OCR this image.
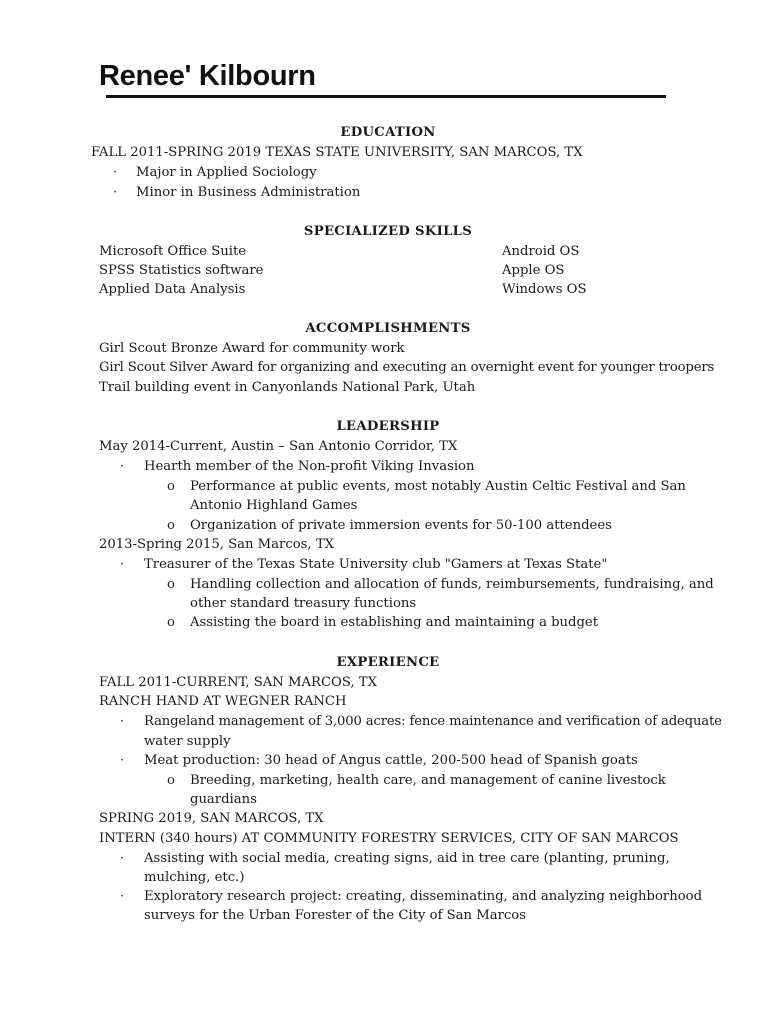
Renee' Kilbourn
EDUCATION
FALL 2011-SPRING 2019 TEXAS STATE UNIVERSITY, SAN MARCOS, TX
·	Major in Applied Sociology
·	Minor in Business Administration
SPECIALIZED SKILLS
Microsoft Office Suite
SPSS Statistics software
Applied Data Analysis
Android OS
Apple OS
Windows OS
ACCOMPLISHMENTS
Girl Scout Bronze Award for community work
Girl Scout Silver Award for organizing and executing an overnight event for younger troopers
Trail building event in Canyonlands National Park, Utah
LEADERSHIP
May 2014-Current, Austin – San Antonio Corridor, TX
·	Hearth member of the Non-profit Viking Invasion
o	Performance at public events, most notably Austin Celtic Festival and San
Antonio Highland Games
o	Organization of private immersion events for 50-100 attendees
2013-Spring 2015, San Marcos, TX
·	Treasurer of the Texas State University club "Gamers at Texas State"
o	Handling collection and allocation of funds, reimbursements, fundraising, and
other standard treasury functions
o	Assisting the board in establishing and maintaining a budget
EXPERIENCE
FALL 2011-CURRENT, SAN MARCOS, TX
RANCH HAND AT WEGNER RANCH
·	Rangeland management of 3,000 acres: fence maintenance and verification of adequate
water supply
·	Meat production: 30 head of Angus cattle, 200-500 head of Spanish goats
o	Breeding, marketing, health care, and management of canine livestock
guardians
SPRING 2019, SAN MARCOS, TX
INTERN (340 hours) AT COMMUNITY FORESTRY SERVICES, CITY OF SAN MARCOS
·	Assisting with social media, creating signs, aid in tree care (planting, pruning,
mulching, etc.)
·	Exploratory research project: creating, disseminating, and analyzing neighborhood
surveys for the Urban Forester of the City of San Marcos
